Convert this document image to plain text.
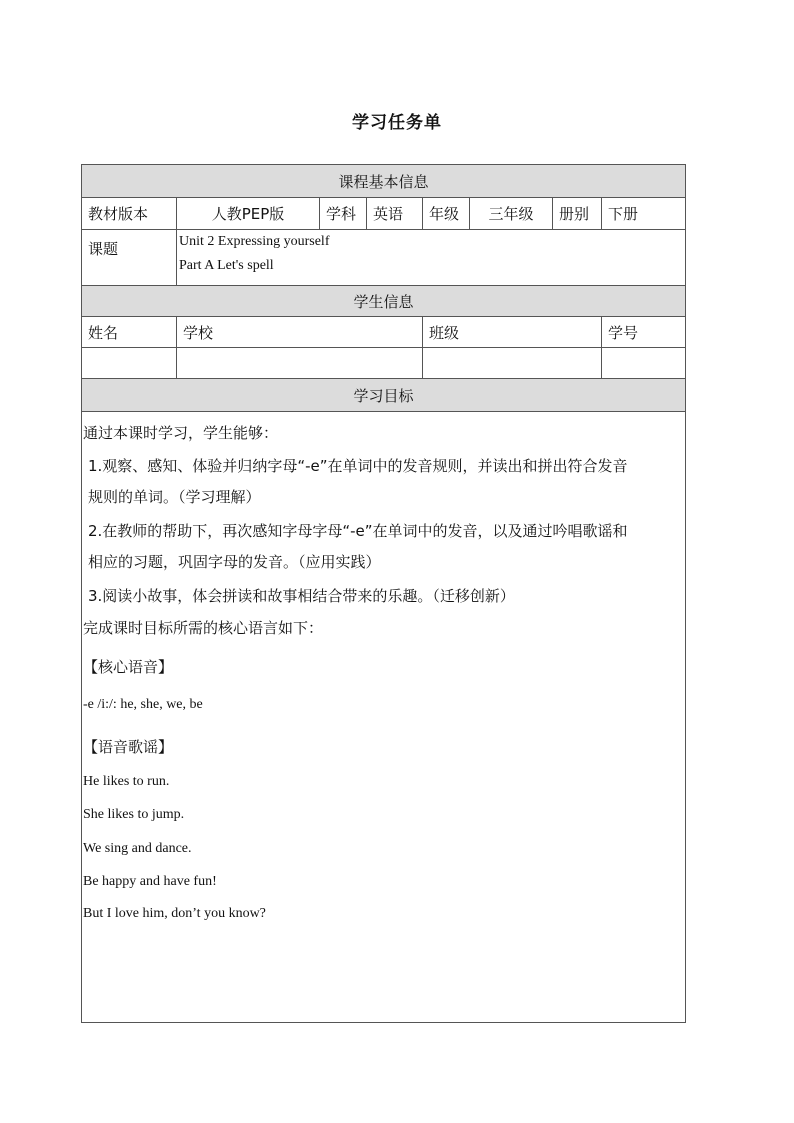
学习任务单
课程基本信息
教材版本	人教PEP版	学科	英语	年级	三年级	册别	下册
课题	Unit 2 Expressing yourself
Part A Let's spell
学生信息
姓名	学校	班级	学号
学习目标
通过本课时学习，学生能够：
1.观察、感知、体验并归纳字母“-e”在单词中的发音规则，并读出和拼出符合发音
规则的单词。（学习理解）
2.在教师的帮助下，再次感知字母字母“-e”在单词中的发音，以及通过吟唱歌谣和
相应的习题，巩固字母的发音。（应用实践）
3.阅读小故事，体会拼读和故事相结合带来的乐趣。（迁移创新）
完成课时目标所需的核心语言如下：
【核心语音】
-e /i:/: he, she, we, be
【语音歌谣】
He likes to run.
She likes to jump.
We sing and dance.
Be happy and have fun!
But I love him, don’t you know?
